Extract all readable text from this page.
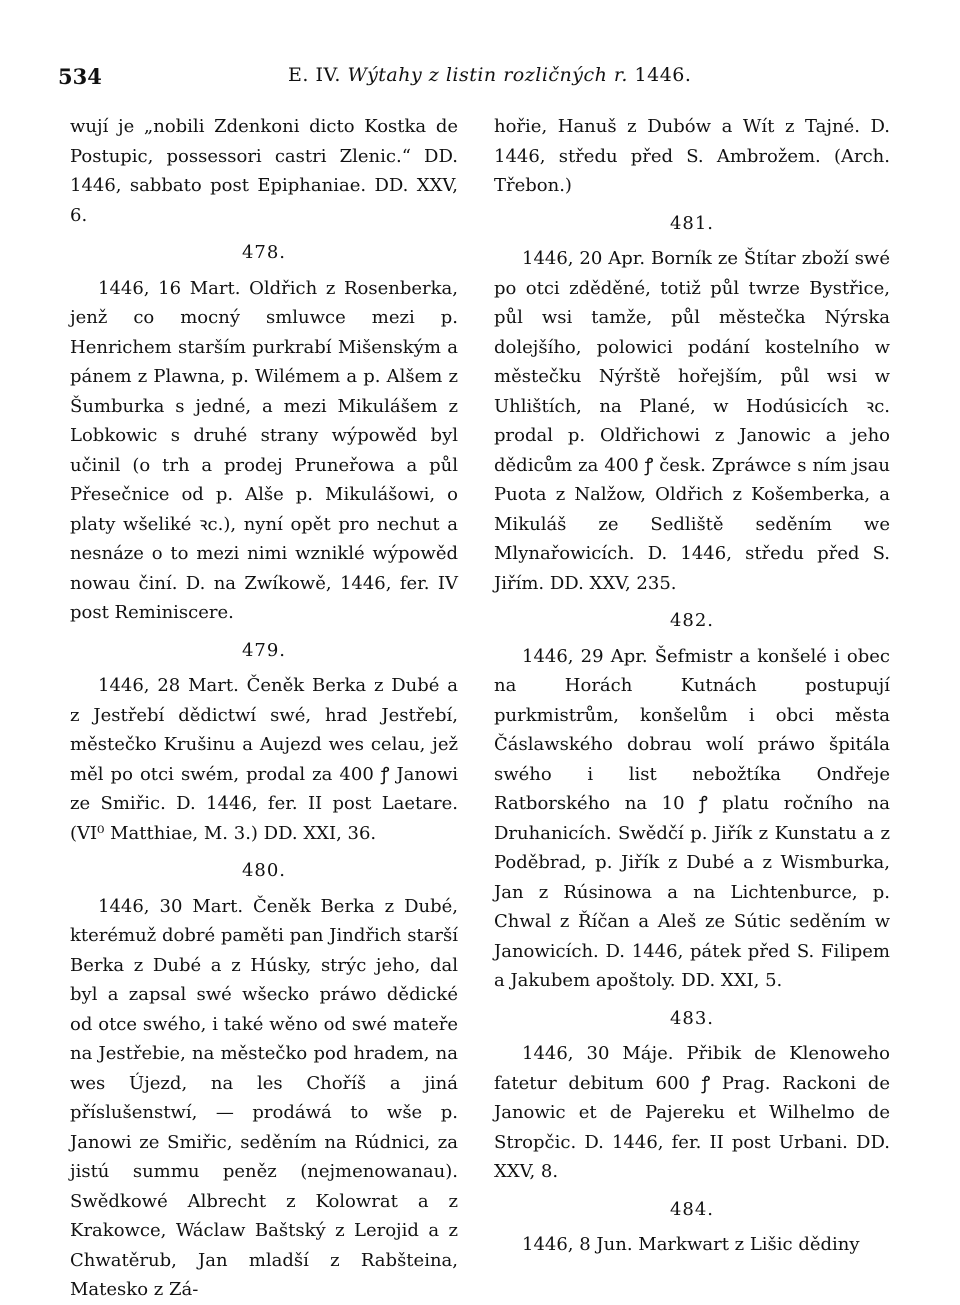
534	E. IV. Wýtahy z listin rozličných r. 1446.

wují je „nobili Zdenkoni dicto Kostka de Postupic, possessori castri Zlenic.“ DD. 1446, sabbato post Epiphaniae. DD. XXV, 6.

478.

1446, 16 Mart. Oldřich z Rosenberka, jenž co mocný smluwce mezi p. Henrichem starším purkrabí Mišenským a pánem z Plawna, p. Wilémem a p. Alšem z Šumburka s jedné, a mezi Mikulášem z Lobkowic s druhé strany wýpowěd byl učinil (o trh a prodej Pruneřowa a půl Přesečnice od p. Alše p. Mikulášowi, o platy wšeliké ꝛc.), nyní opět pro nechut a nesnáze o to mezi nimi wzniklé wýpowěd nowau činí. D. na Zwíkowě, 1446, fer. IV post Reminiscere.

479.

1446, 28 Mart. Čeněk Berka z Dubé a z Jestřebí dědictwí swé, hrad Jestřebí, městečko Krušinu a Aujezd wes celau, jež měl po otci swém, prodal za 400 ꝭ Janowi ze Smiřic. D. 1446, fer. II post Laetare. (VI⁰ Matthiae, M. 3.) DD. XXI, 36.

480.

1446, 30 Mart. Čeněk Berka z Dubé, kterémuž dobré paměti pan Jindřich starší Berka z Dubé a z Húsky, strýc jeho, dal byl a zapsal swé wšecko práwo dědické od otce swého, i také wěno od swé mateře na Jestřebie, na městečko pod hradem, na wes Újezd, na les Choříš a jiná příslušenstwí, — prodáwá to wše p. Janowi ze Smiřic, seděním na Rúdnici, za jistú summu peněz (nejmenowanau). Swědkowé Albrecht z Kolowrat a z Krakowce, Wáclaw Baštský z Lerojid a z Chwatěrub, Jan mladší z Rabšteina, Matesko z Zá-

hořie, Hanuš z Dubów a Wít z Tajné. D. 1446, středu před S. Ambrožem. (Arch. Třebon.)

481.

1446, 20 Apr. Borník ze Štítar zboží swé po otci zděděné, totiž půl twrze Bystřice, půl wsi tamže, půl městečka Nýrska dolejšího, polowici podání kostelního w městečku Nýrště hořejším, půl wsi w Uhlištích, na Plané, w Hodúsicích ꝛc. prodal p. Oldřichowi z Janowic a jeho dědicům za 400 ꝭ česk. Zpráwce s ním jsau Puota z Nalžow, Oldřich z Košemberka, a Mikuláš ze Sedliště seděním we Mlynařowicích. D. 1446, středu před S. Jiřím. DD. XXV, 235.

482.

1446, 29 Apr. Šefmistr a konšelé i obec na Horách Kutnách postupují purkmistrům, konšelům i obci města Čáslawského dobrau wolí práwo špitála swého i list nebožtíka Ondřeje Ratborského na 10 ꝭ platu ročního na Druhanicích. Swědčí p. Jiřík z Kunstatu a z Poděbrad, p. Jiřík z Dubé a z Wismburka, Jan z Rúsinowa a na Lichtenburce, p. Chwal z Říčan a Aleš ze Sútic seděním w Janowicích. D. 1446, pátek před S. Filipem a Jakubem apoštoly. DD. XXI, 5.

483.

1446, 30 Máje. Přibik de Klenoweho fatetur debitum 600 ꝭ Prag. Rackoni de Janowic et de Pajereku et Wilhelmo de Stropčic. D. 1446, fer. II post Urbani. DD. XXV, 8.

484.

1446, 8 Jun. Markwart z Lišic dědiny
